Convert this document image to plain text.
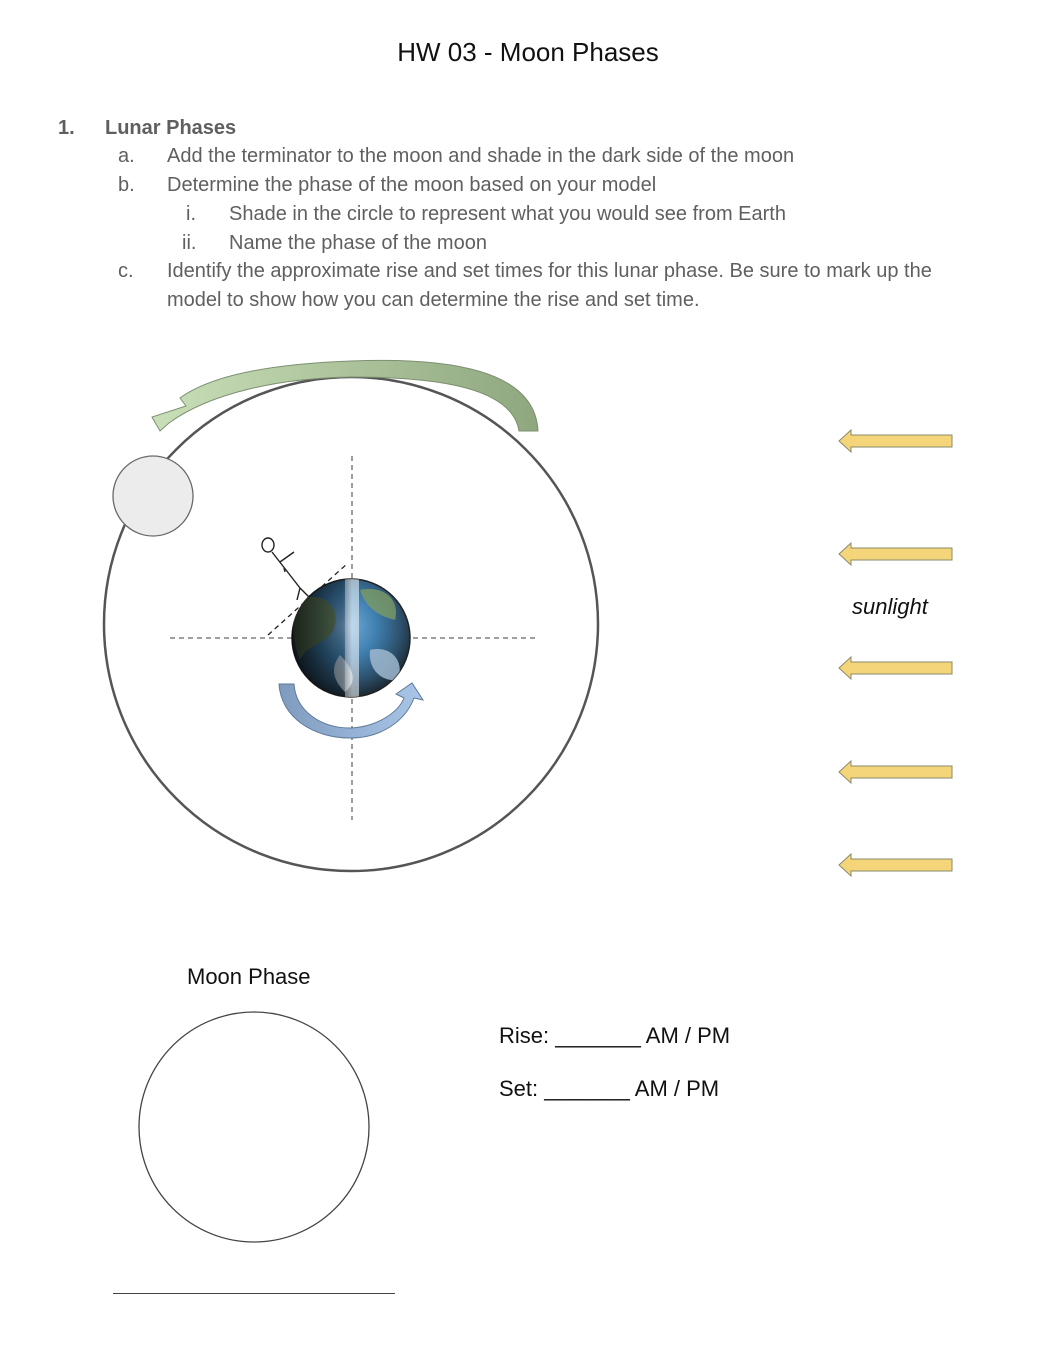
HW 03 - Moon Phases
1. Lunar Phases
a. Add the terminator to the moon and shade in the dark side of the moon
b. Determine the phase of the moon based on your model
i. Shade in the circle to represent what you would see from Earth
ii. Name the phase of the moon
c. Identify the approximate rise and set times for this lunar phase. Be sure to mark up the
model to show how you can determine the rise and set time.
sunlight
Moon Phase
Rise: _______ AM / PM
Set: _______ AM / PM
